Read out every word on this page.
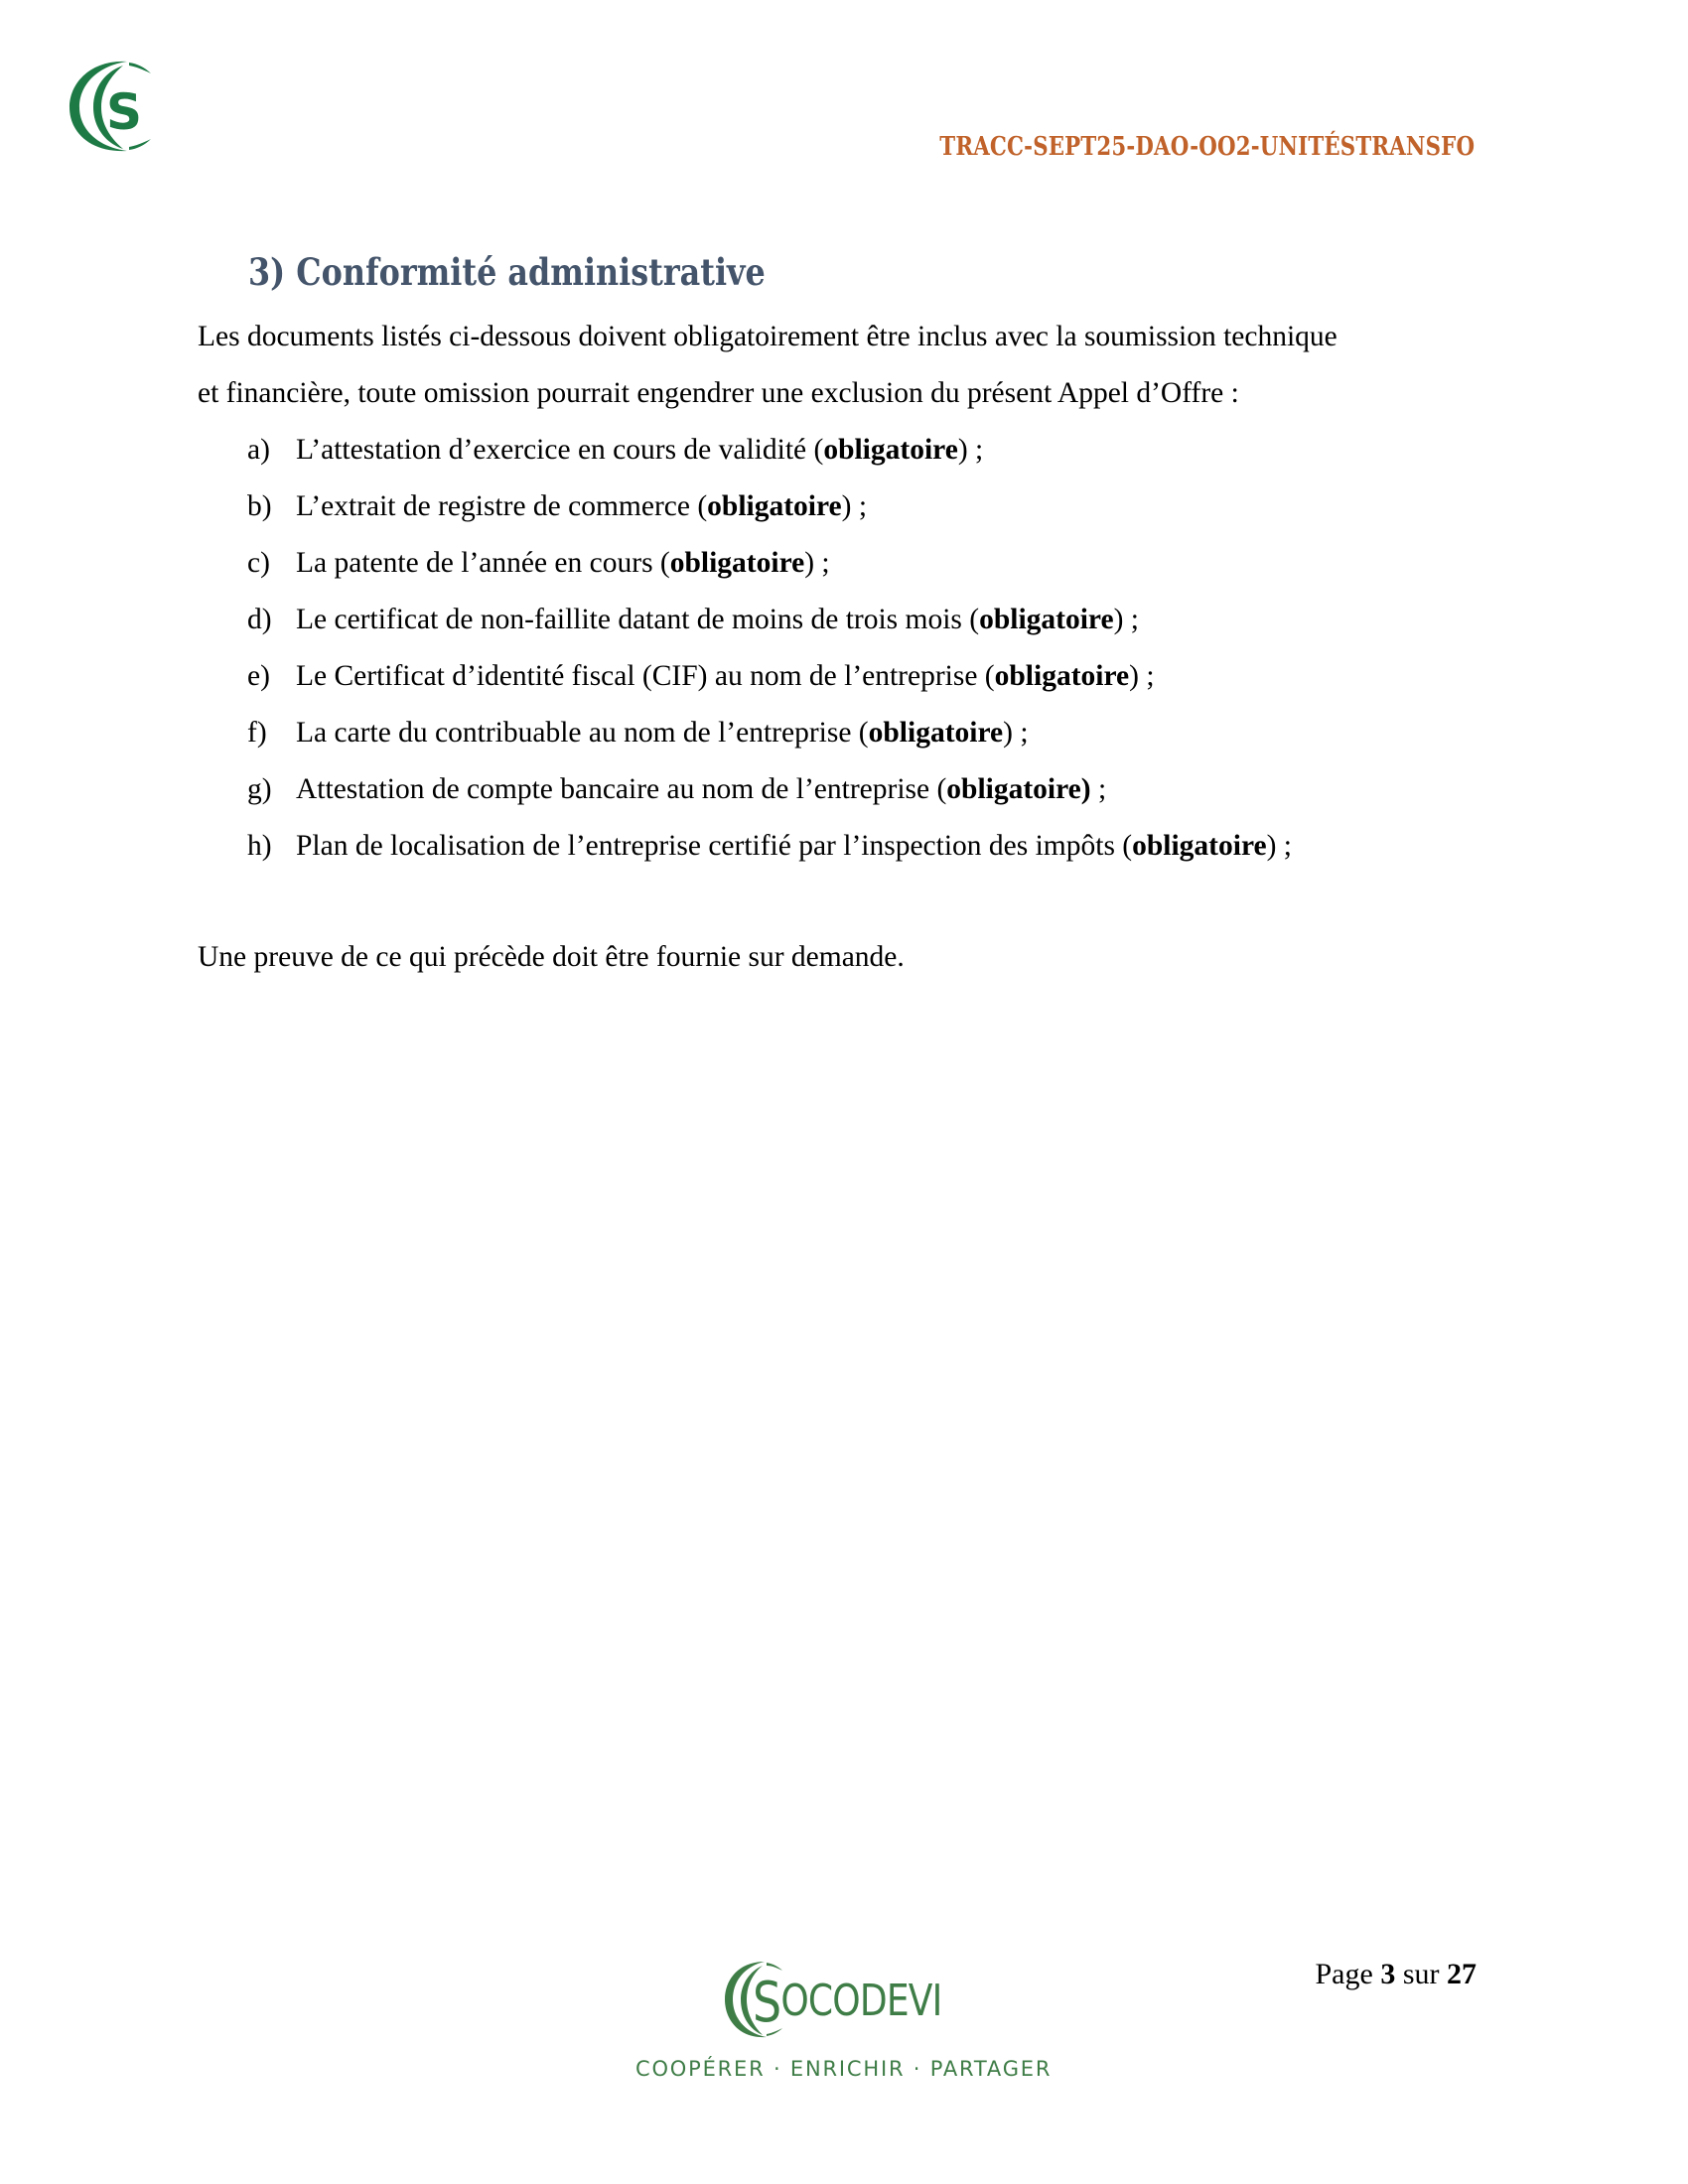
S
TRACC-SEPT25-DAO-OO2-UNITÉSTRANSFO
3) Conformité administrative
Les documents listés ci-dessous doivent obligatoirement être inclus avec la soumission technique
et financière, toute omission pourrait engendrer une exclusion du présent Appel d’Offre :
a) L’attestation d’exercice en cours de validité (obligatoire) ;
b) L’extrait de registre de commerce (obligatoire) ;
c) La patente de l’année en cours (obligatoire) ;
d) Le certificat de non-faillite datant de moins de trois mois (obligatoire) ;
e) Le Certificat d’identité fiscal (CIF) au nom de l’entreprise (obligatoire) ;
f) La carte du contribuable au nom de l’entreprise (obligatoire) ;
g) Attestation de compte bancaire au nom de l’entreprise (obligatoire) ;
h) Plan de localisation de l’entreprise certifié par l’inspection des impôts (obligatoire) ;
Une preuve de ce qui précède doit être fournie sur demande.
SOCODEVI
COOPÉRER · ENRICHIR · PARTAGER
Page 3 sur 27
